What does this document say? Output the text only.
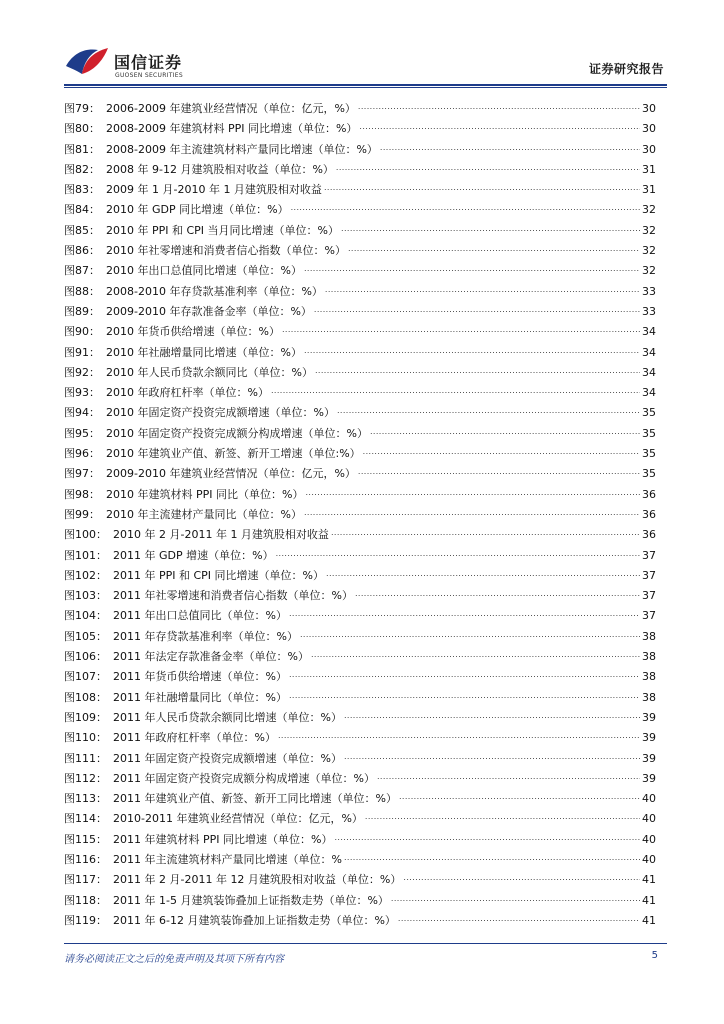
国信证券
GUOSEN SECURITIES	证券研究报告
图79： 2006-2009 年建筑业经营情况（单位：亿元，%） .....	30
图80： 2008-2009 年建筑材料 PPI 同比增速（单位：%） .....	30
图81： 2008-2009 年主流建筑材料产量同比增速（单位：%） .....	30
图82： 2008 年 9-12 月建筑股相对收益（单位：%） .....	31
图83： 2009 年 1 月-2010 年 1 月建筑股相对收益 .....	31
图84： 2010 年 GDP 同比增速（单位：%） .....	32
图85： 2010 年 PPI 和 CPI 当月同比增速（单位：%） .....	32
图86： 2010 年社零增速和消费者信心指数（单位：%） .....	32
图87： 2010 年出口总值同比增速（单位：%） .....	32
图88： 2008-2010 年存贷款基准利率（单位：%） .....	33
图89： 2009-2010 年存款准备金率（单位：%） .....	33
图90： 2010 年货币供给增速（单位：%） .....	34
图91： 2010 年社融增量同比增速（单位：%） .....	34
图92： 2010 年人民币贷款余额同比（单位：%） .....	34
图93： 2010 年政府杠杆率（单位：%） .....	34
图94： 2010 年固定资产投资完成额增速（单位：%） .....	35
图95： 2010 年固定资产投资完成额分构成增速（单位：%） .....	35
图96： 2010 年建筑业产值、新签、新开工增速（单位:%） .....	35
图97： 2009-2010 年建筑业经营情况（单位：亿元，%） .....	35
图98： 2010 年建筑材料 PPI 同比（单位：%） .....	36
图99： 2010 年主流建材产量同比（单位：%） .....	36
图100： 2010 年 2 月-2011 年 1 月建筑股相对收益 .....	36
图101： 2011 年 GDP 增速（单位：%） .....	37
图102： 2011 年 PPI 和 CPI 同比增速（单位：%） .....	37
图103： 2011 年社零增速和消费者信心指数（单位：%） .....	37
图104： 2011 年出口总值同比（单位：%） .....	37
图105： 2011 年存贷款基准利率（单位：%） .....	38
图106： 2011 年法定存款准备金率（单位：%） .....	38
图107： 2011 年货币供给增速（单位：%） .....	38
图108： 2011 年社融增量同比（单位：%） .....	38
图109： 2011 年人民币贷款余额同比增速（单位：%） .....	39
图110： 2011 年政府杠杆率（单位：%） .....	39
图111： 2011 年固定资产投资完成额增速（单位：%） .....	39
图112： 2011 年固定资产投资完成额分构成增速（单位：%） .....	39
图113： 2011 年建筑业产值、新签、新开工同比增速（单位：%） .....	40
图114： 2010-2011 年建筑业经营情况（单位：亿元，%） .....	40
图115： 2011 年建筑材料 PPI 同比增速（单位：%） .....	40
图116： 2011 年主流建筑材料产量同比增速（单位：% .....	40
图117： 2011 年 2 月-2011 年 12 月建筑股相对收益（单位：%） .....	41
图118： 2011 年 1-5 月建筑装饰叠加上证指数走势（单位：%） .....	41
图119： 2011 年 6-12 月建筑装饰叠加上证指数走势（单位：%） .....	41
请务必阅读正文之后的免责声明及其项下所有内容	5
